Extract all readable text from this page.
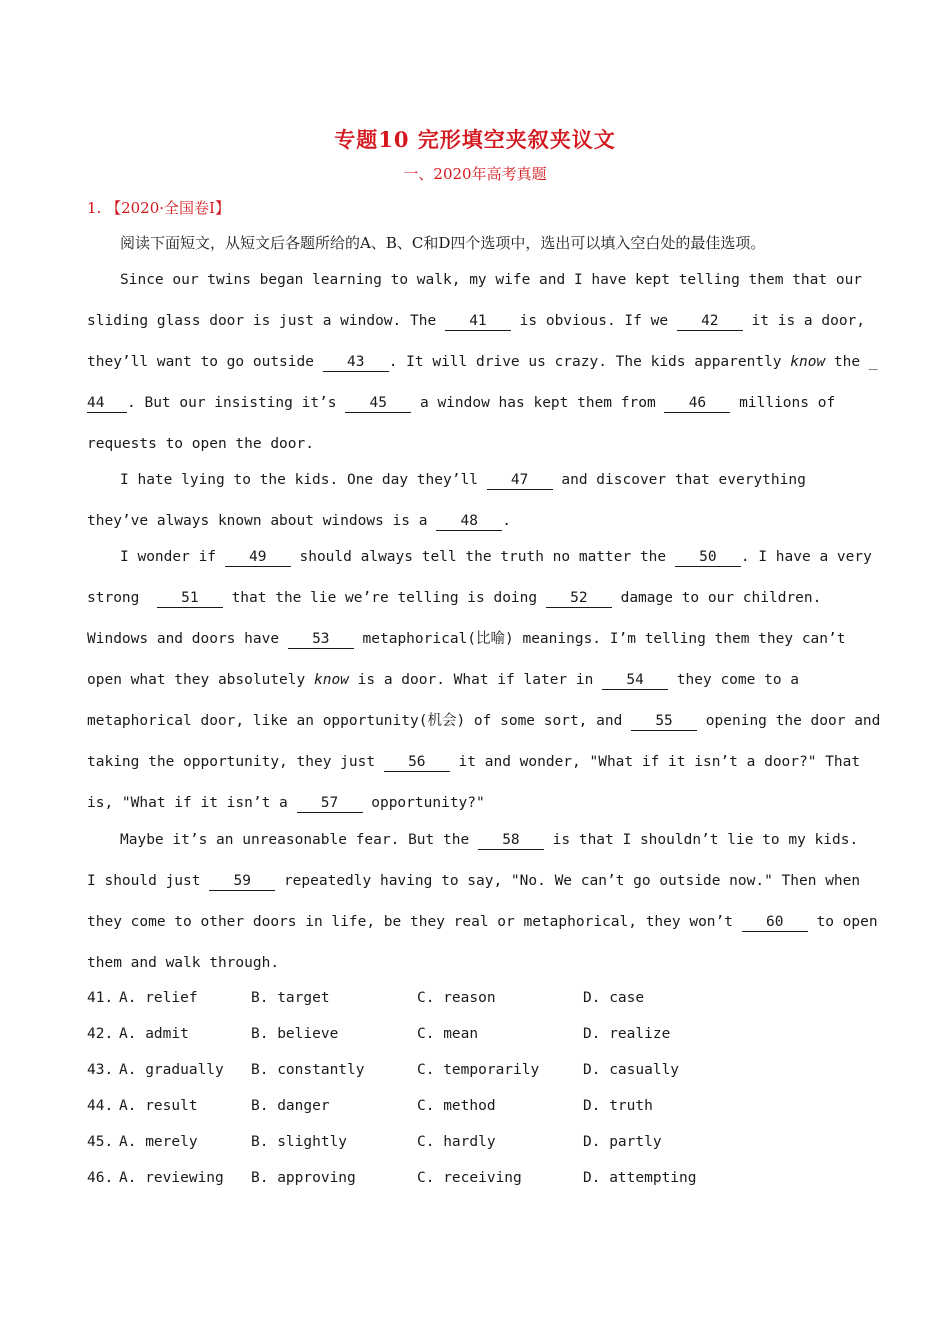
专题10 完形填空夹叙夹议文
一、2020年高考真题
1. 【2020·全国卷I】
阅读下面短文，从短文后各题所给的A、B、C和D四个选项中，选出可以填入空白处的最佳选项。
Since our twins began learning to walk, my wife and I have kept telling them that our
sliding glass door is just a window. The 41 is obvious. If we 42 it is a door,
they’ll want to go outside 43 . It will drive us crazy. The kids apparently know the _
44 . But our insisting it’s 45 a window has kept them from 46 millions of
requests to open the door.
I hate lying to the kids. One day they’ll 47 and discover that everything
they’ve always known about windows is a 48 .
I wonder if 49 should always tell the truth no matter the 50 . I have a very
strong  51 that the lie we’re telling is doing 52 damage to our children.
Windows and doors have 53 metaphorical(比喻) meanings. I’m telling them they can’t
open what they absolutely know is a door. What if later in 54 they come to a
metaphorical door, like an opportunity(机会) of some sort, and 55 opening the door and
taking the opportunity, they just 56 it and wonder, "What if it isn’t a door?" That
is, "What if it isn’t a 57 opportunity?"
Maybe it’s an unreasonable fear. But the 58 is that I shouldn’t lie to my kids.
I should just 59 repeatedly having to say, "No. We can’t go outside now." Then when
they come to other doors in life, be they real or metaphorical, they won’t 60 to open
them and walk through.

41.

A. relief

	B. target

	C. reason

	D. case

42.

A. admit

	B. believe

	C. mean

	D. realize

43.

A. gradually

B. constantly

	C. temporarily

	D. casually

44.

A. result

	B. danger

	C. method

	D. truth

45.

A. merely

	B. slightly

	C. hardly

	D. partly

46.

A. reviewing

B. approving

	C. receiving

	D. attempting
